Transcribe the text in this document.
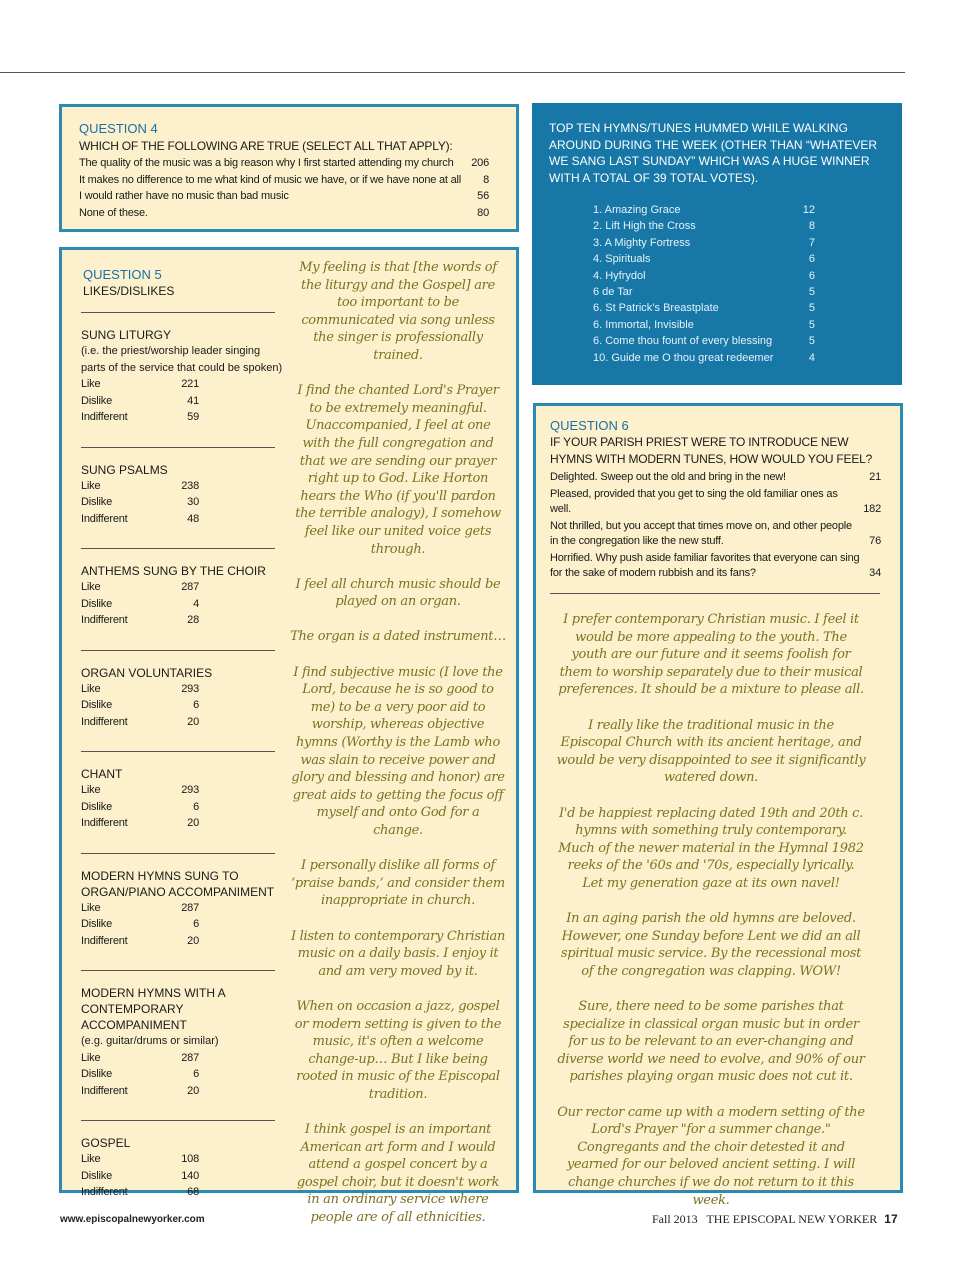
QUESTION 4
WHICH OF THE FOLLOWING ARE TRUE (SELECT ALL THAT APPLY):
The quality of the music was a big reason why I first started attending my church 206
It makes no difference to me what kind of music we have, or if we have none at all 8
I would rather have no music than bad music	56
None of these.	80
TOP TEN HYMNS/TUNES HUMMED WHILE WALKING AROUND DURING THE WEEK (OTHER THAN “WHATEVER WE SANG LAST SUNDAY” WHICH WAS A HUGE WINNER WITH A TOTAL OF 39 TOTAL VOTES).
1. Amazing Grace	12
2. Lift High the Cross	8
3. A Mighty Fortress	7
4. Spirituals	6
4. Hyfrydol	6
6 de Tar	5
6. St Patrick’s Breastplate	5
6. Immortal, Invisible	5
6. Come thou fount of every blessing	5
10. Guide me O thou great redeemer	4
QUESTION 5
LIKES/DISLIKES
SUNG LITURGY
(i.e. the priest/worship leader singing parts of the service that could be spoken)
Like	221
Dislike	41
Indifferent	59
SUNG PSALMS
Like	238
Dislike	30
Indifferent	48
ANTHEMS SUNG BY THE CHOIR
Like	287
Dislike	4
Indifferent	28
ORGAN VOLUNTARIES
Like	293
Dislike	6
Indifferent	20
CHANT
Like	293
Dislike	6
Indifferent	20
MODERN HYMNS SUNG TO ORGAN/PIANO ACCOMPANIMENT
Like	287
Dislike	6
Indifferent	20
MODERN HYMNS WITH A CONTEMPORARY ACCOMPANIMENT
(e.g. guitar/drums or similar)
Like	287
Dislike	6
Indifferent	20
GOSPEL
Like	108
Dislike	140
Indifferent	68

My feeling is that [the words of the liturgy and the Gospel] are too important to be communicated via song unless the singer is professionally trained.

I find the chanted Lord's Prayer to be extremely meaningful. Unaccompanied, I feel at one with the full congregation and that we are sending our prayer right up to God. Like Horton hears the Who (if you'll pardon the terrible analogy), I somehow feel like our united voice gets through.

I feel all church music should be played on an organ.

The organ is a dated instrument…

I find subjective music (I love the Lord, because he is so good to me) to be a very poor aid to worship, whereas objective hymns (Worthy is the Lamb who was slain to receive power and glory and blessing and honor) are great aids to getting the focus off myself and onto God for a change.

I personally dislike all forms of ‘praise bands,’ and consider them inappropriate in church.

I listen to contemporary Christian music on a daily basis. I enjoy it and am very moved by it.

When on occasion a jazz, gospel or modern setting is given to the music, it's often a welcome change-up… But I like being rooted in music of the Episcopal tradition.

I think gospel is an important American art form and I would attend a gospel concert by a gospel choir, but it doesn't work in an ordinary service where people are of all ethnicities.

QUESTION 6
IF YOUR PARISH PRIEST WERE TO INTRODUCE NEW HYMNS WITH MODERN TUNES, HOW WOULD YOU FEEL?
Delighted. Sweep out the old and bring in the new!	21
Pleased, provided that you get to sing the old familiar ones as well.	182
Not thrilled, but you accept that times move on, and other people in the congregation like the new stuff.	76
Horrified. Why push aside familiar favorites that everyone can sing for the sake of modern rubbish and its fans?	34

I prefer contemporary Christian music. I feel it would be more appealing to the youth. The youth are our future and it seems foolish for them to worship separately due to their musical preferences. It should be a mixture to please all.

I really like the traditional music in the Episcopal Church with its ancient heritage, and would be very disappointed to see it significantly watered down.

I'd be happiest replacing dated 19th and 20th c. hymns with something truly contemporary. Much of the newer material in the Hymnal 1982 reeks of the '60s and '70s, especially lyrically. Let my generation gaze at its own navel!

In an aging parish the old hymns are beloved. However, one Sunday before Lent we did an all spiritual music service. By the recessional most of the congregation was clapping. WOW!

Sure, there need to be some parishes that specialize in classical organ music but in order for us to be relevant to an ever-changing and diverse world we need to evolve, and 90% of our parishes playing organ music does not cut it.

Our rector came up with a modern setting of the Lord's Prayer "for a summer change." Congregants and the choir detested it and yearned for our beloved ancient setting. I will change churches if we do not return to it this week.

www.episcopalnewyorker.com	Fall 2013 THE EPISCOPAL NEW YORKER 17
